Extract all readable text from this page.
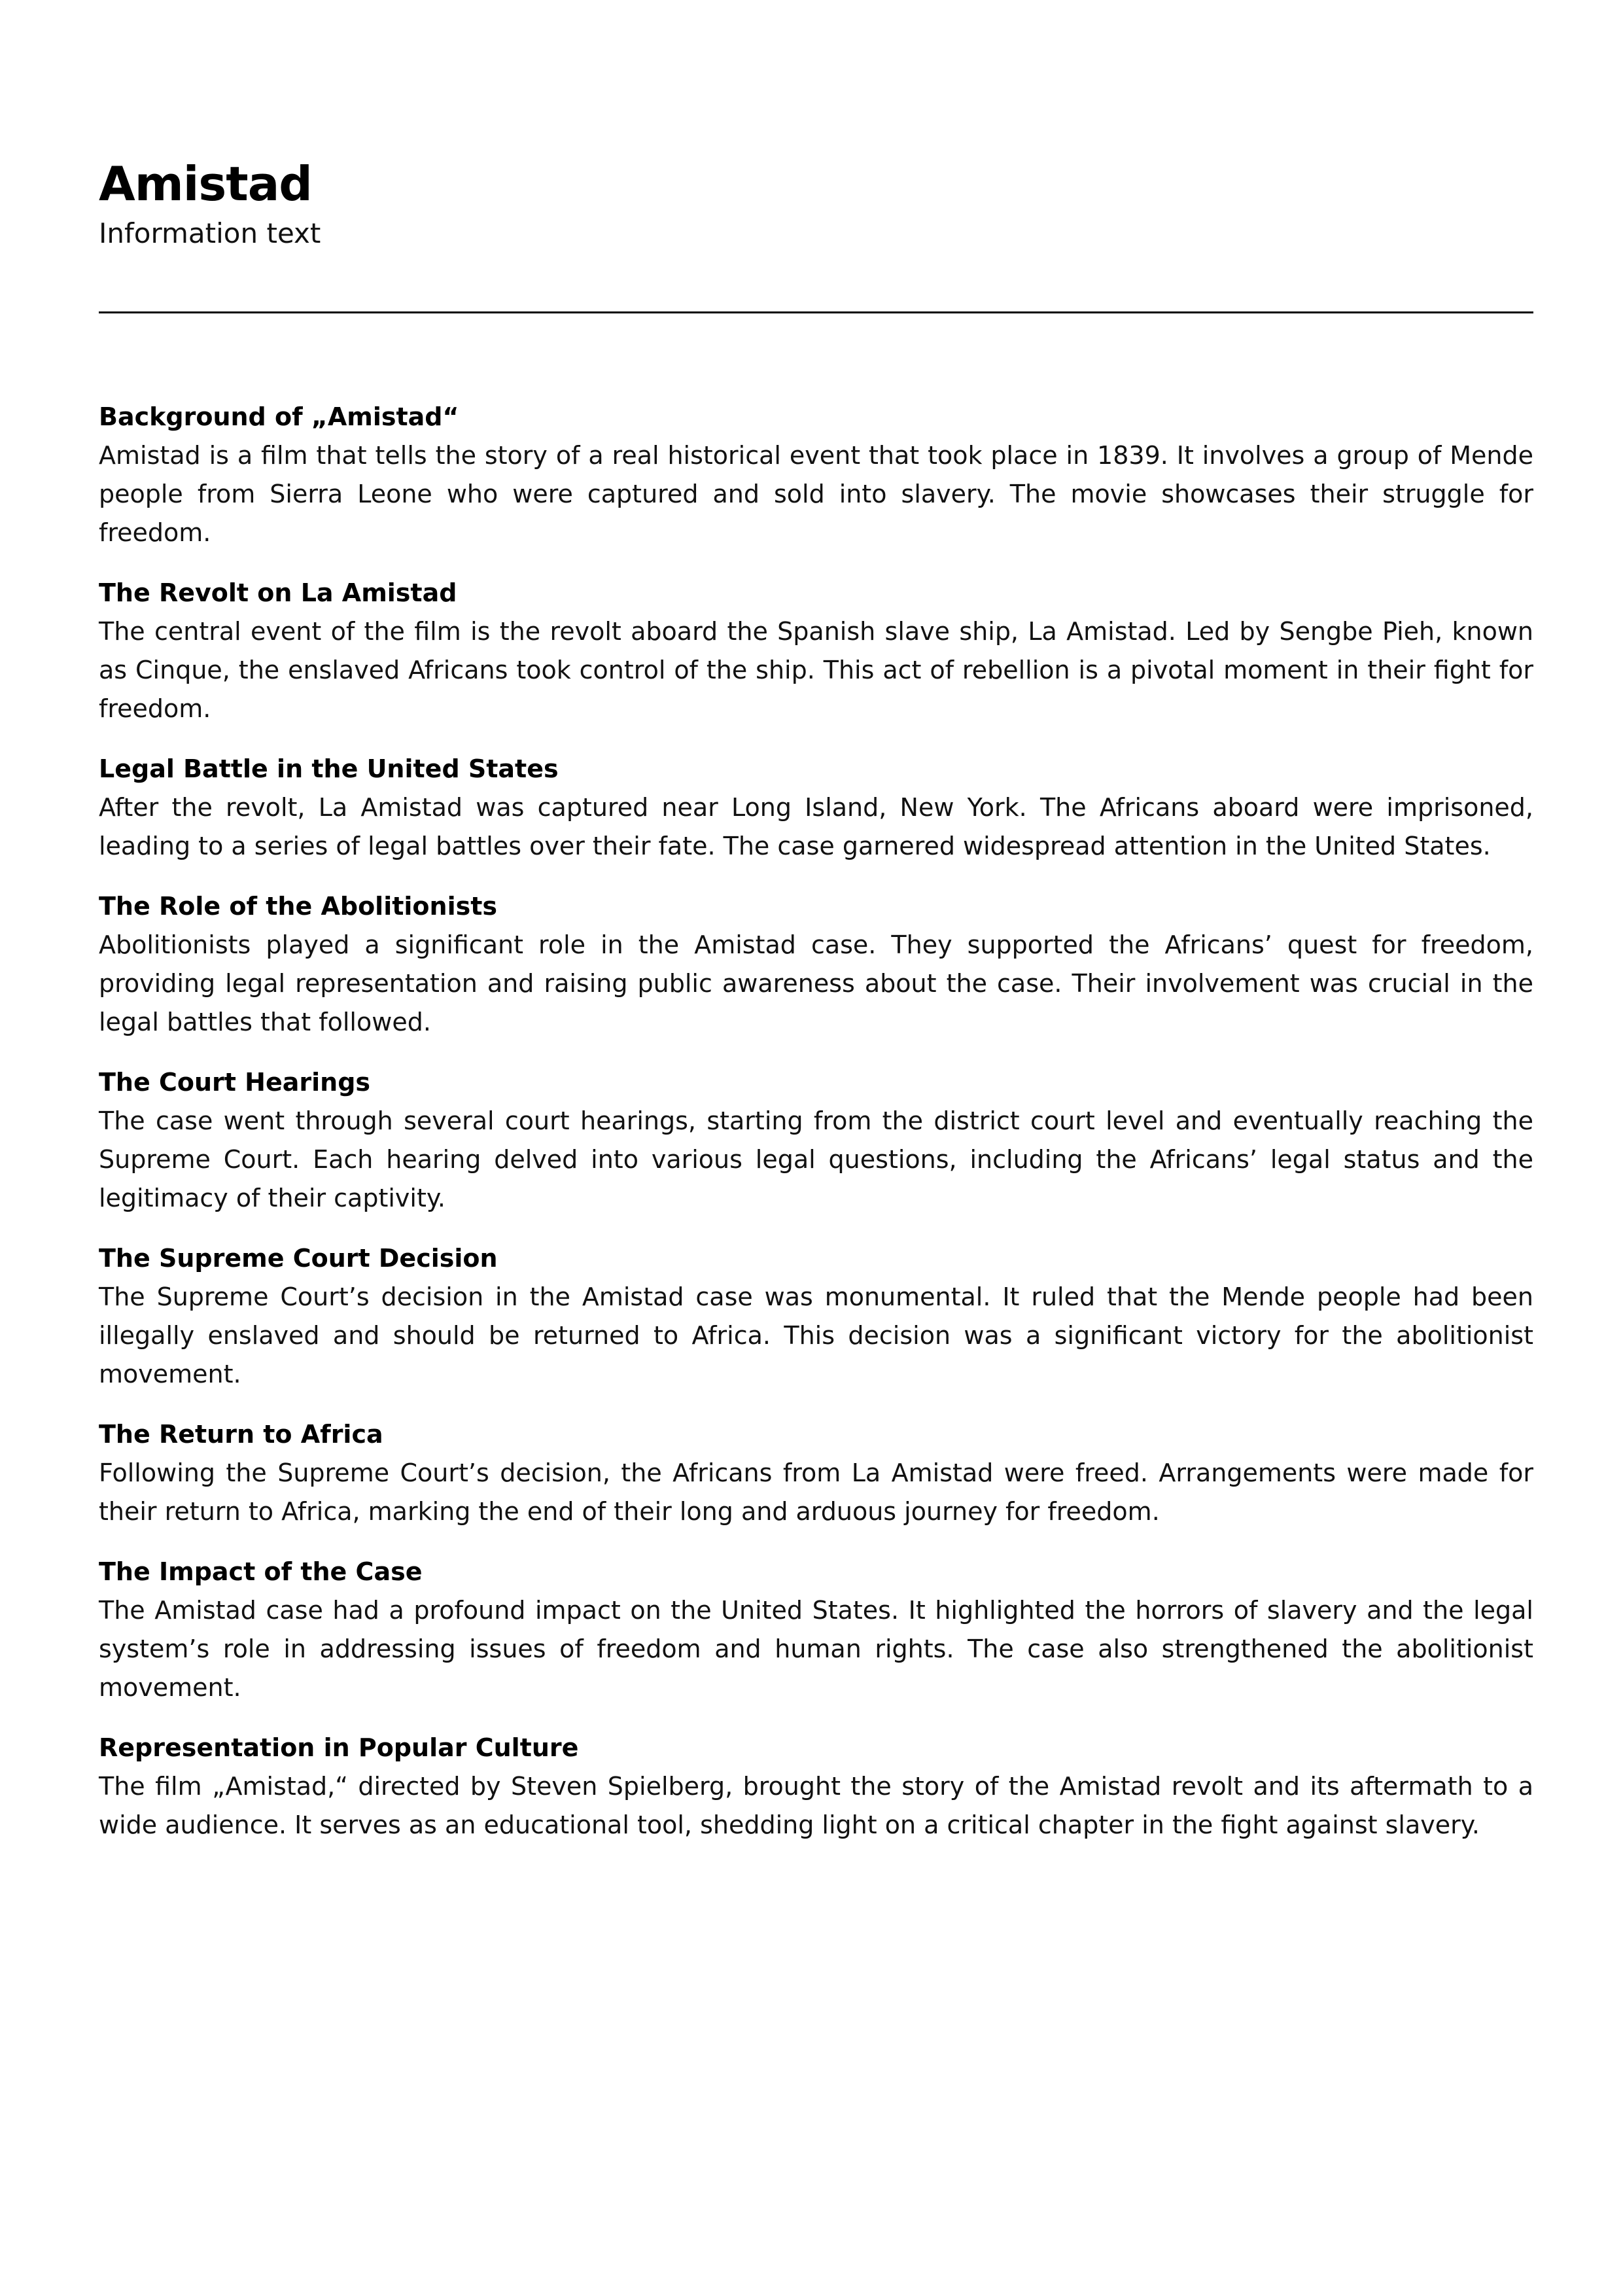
Amistad
Information text
Background of „Amistad“

Amistad is a film that tells the story of a real historical event that took place in 1839. It involves a group of Mende people from Sierra Leone who were captured and sold into slavery. The movie showcases their struggle for freedom.

The Revolt on La Amistad

The central event of the film is the revolt aboard the Spanish slave ship, La Amistad. Led by Sengbe Pieh, known as Cinque, the enslaved Africans took control of the ship. This act of rebellion is a pivotal moment in their fight for freedom.

Legal Battle in the United States

After the revolt, La Amistad was captured near Long Island, New York. The Africans aboard were imprisoned, leading to a series of legal battles over their fate. The case garnered widespread attention in the United States.

The Role of the Abolitionists

Abolitionists played a significant role in the Amistad case. They supported the Africans’ quest for freedom, providing legal representation and raising public awareness about the case. Their involvement was crucial in the legal battles that followed.

The Court Hearings

The case went through several court hearings, starting from the district court level and eventually reaching the Supreme Court. Each hearing delved into various legal questions, including the Africans’ legal status and the legitimacy of their captivity.

The Supreme Court Decision

The Supreme Court’s decision in the Amistad case was monumental. It ruled that the Mende people had been illegally enslaved and should be returned to Africa. This decision was a significant victory for the abolitionist movement.

The Return to Africa

Following the Supreme Court’s decision, the Africans from La Amistad were freed. Arrangements were made for their return to Africa, marking the end of their long and arduous journey for freedom.

The Impact of the Case

The Amistad case had a profound impact on the United States. It highlighted the horrors of slavery and the legal system’s role in addressing issues of freedom and human rights. The case also strengthened the abolitionist movement.

Representation in Popular Culture

The film „Amistad,“ directed by Steven Spielberg, brought the story of the Amistad revolt and its aftermath to a wide audience. It serves as an educational tool, shedding light on a critical chapter in the fight against slavery.
